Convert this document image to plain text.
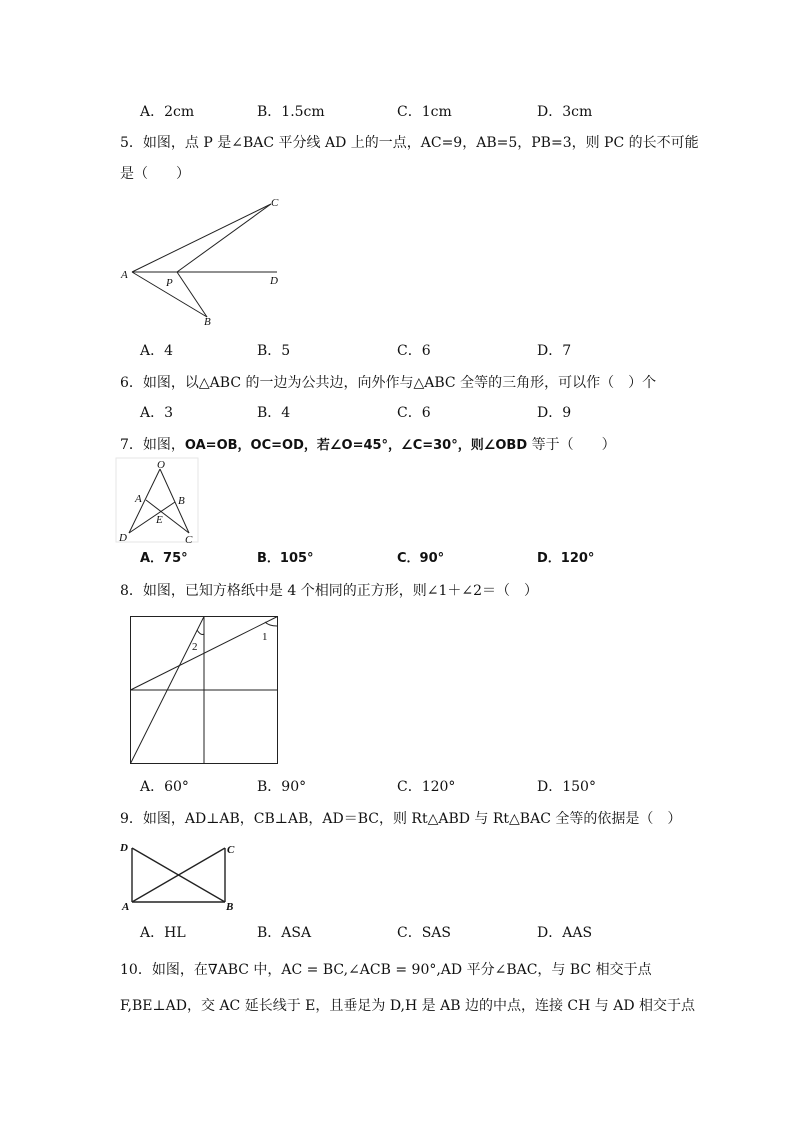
A．2cm	B．1.5cm	C．1cm	D．3cm
5．如图，点 P 是∠BAC 平分线 AD 上的一点，AC=9，AB=5，PB=3，则 PC 的长不可能
是（　　）
A
C
D
P
B
A．4	B．5	C．6	D．7
6．如图，以△ABC 的一边为公共边，向外作与△ABC 全等的三角形，可以作（　）个
A．3	B．4	C．6	D．9
7．如图，OA=OB，OC=OD，若∠O=45°，∠C=30°，则∠OBD 等于（　　）
O
A	B
E
D	C
A．75°	B．105°	C．90°	D．120°
8．如图，已知方格纸中是 4 个相同的正方形，则∠1＋∠2＝（　）
2
1
A．60°	B．90°	C．120°	D．150°
9．如图，AD⊥AB，CB⊥AB，AD＝BC，则 Rt△ABD 与 Rt△BAC 全等的依据是（　）
D	C
A	B
A．HL	B．ASA	C．SAS	D．AAS
10．如图，在∇ABC 中，AC = BC,∠ACB = 90°,AD 平分∠BAC，与 BC 相交于点
F,BE⊥AD，交 AC 延长线于 E，且垂足为 D,H 是 AB 边的中点，连接 CH 与 AD 相交于点
